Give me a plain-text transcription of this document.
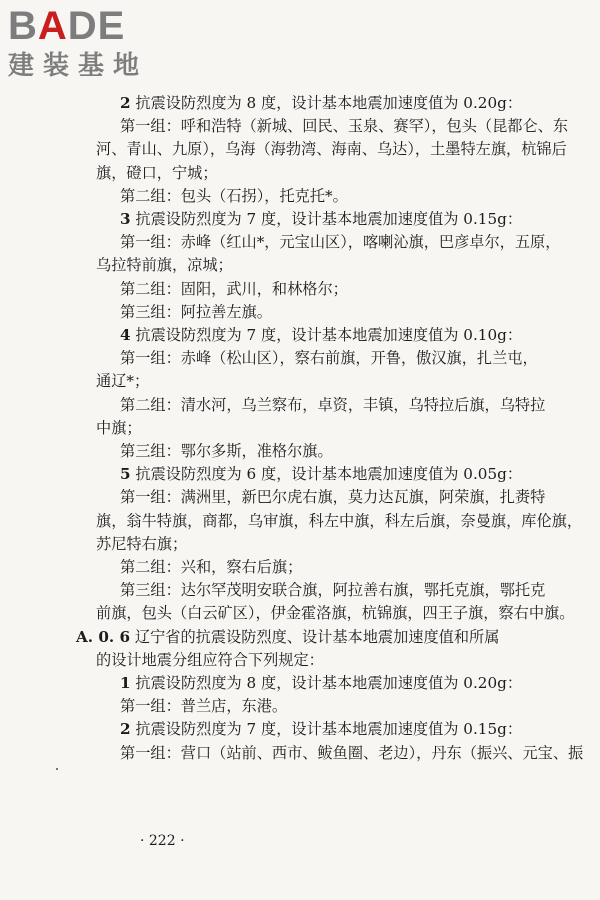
BADE
建装基地
2 抗震设防烈度为 8 度，设计基本地震加速度值为 0.20g：
第一组：呼和浩特（新城、回民、玉泉、赛罕），包头（昆都仑、东
河、青山、九原），乌海（海勃湾、海南、乌达），土墨特左旗，杭锦后
旗，磴口，宁城；
第二组：包头（石拐），托克托*。
3 抗震设防烈度为 7 度，设计基本地震加速度值为 0.15g：
第一组：赤峰（红山*，元宝山区），喀喇沁旗，巴彦卓尔，五原，
乌拉特前旗，凉城；
第二组：固阳，武川，和林格尔；
第三组：阿拉善左旗。
4 抗震设防烈度为 7 度，设计基本地震加速度值为 0.10g：
第一组：赤峰（松山区），察右前旗，开鲁，傲汉旗，扎兰屯，
通辽*；
第二组：清水河，乌兰察布，卓资，丰镇，乌特拉后旗，乌特拉
中旗；
第三组：鄂尔多斯，准格尔旗。
5 抗震设防烈度为 6 度，设计基本地震加速度值为 0.05g：
第一组：满洲里，新巴尔虎右旗，莫力达瓦旗，阿荣旗，扎赉特
旗，翁牛特旗，商都，乌审旗，科左中旗，科左后旗，奈曼旗，库伦旗，
苏尼特右旗；
第二组：兴和，察右后旗；
第三组：达尔罕茂明安联合旗，阿拉善右旗，鄂托克旗，鄂托克
前旗，包头（白云矿区），伊金霍洛旗，杭锦旗，四王子旗，察右中旗。
A. 0. 6 辽宁省的抗震设防烈度、设计基本地震加速度值和所属
的设计地震分组应符合下列规定：
1 抗震设防烈度为 8 度，设计基本地震加速度值为 0.20g：
第一组：普兰店，东港。
2 抗震设防烈度为 7 度，设计基本地震加速度值为 0.15g：
第一组：营口（站前、西市、鲅鱼圈、老边），丹东（振兴、元宝、振
· 222 ·
